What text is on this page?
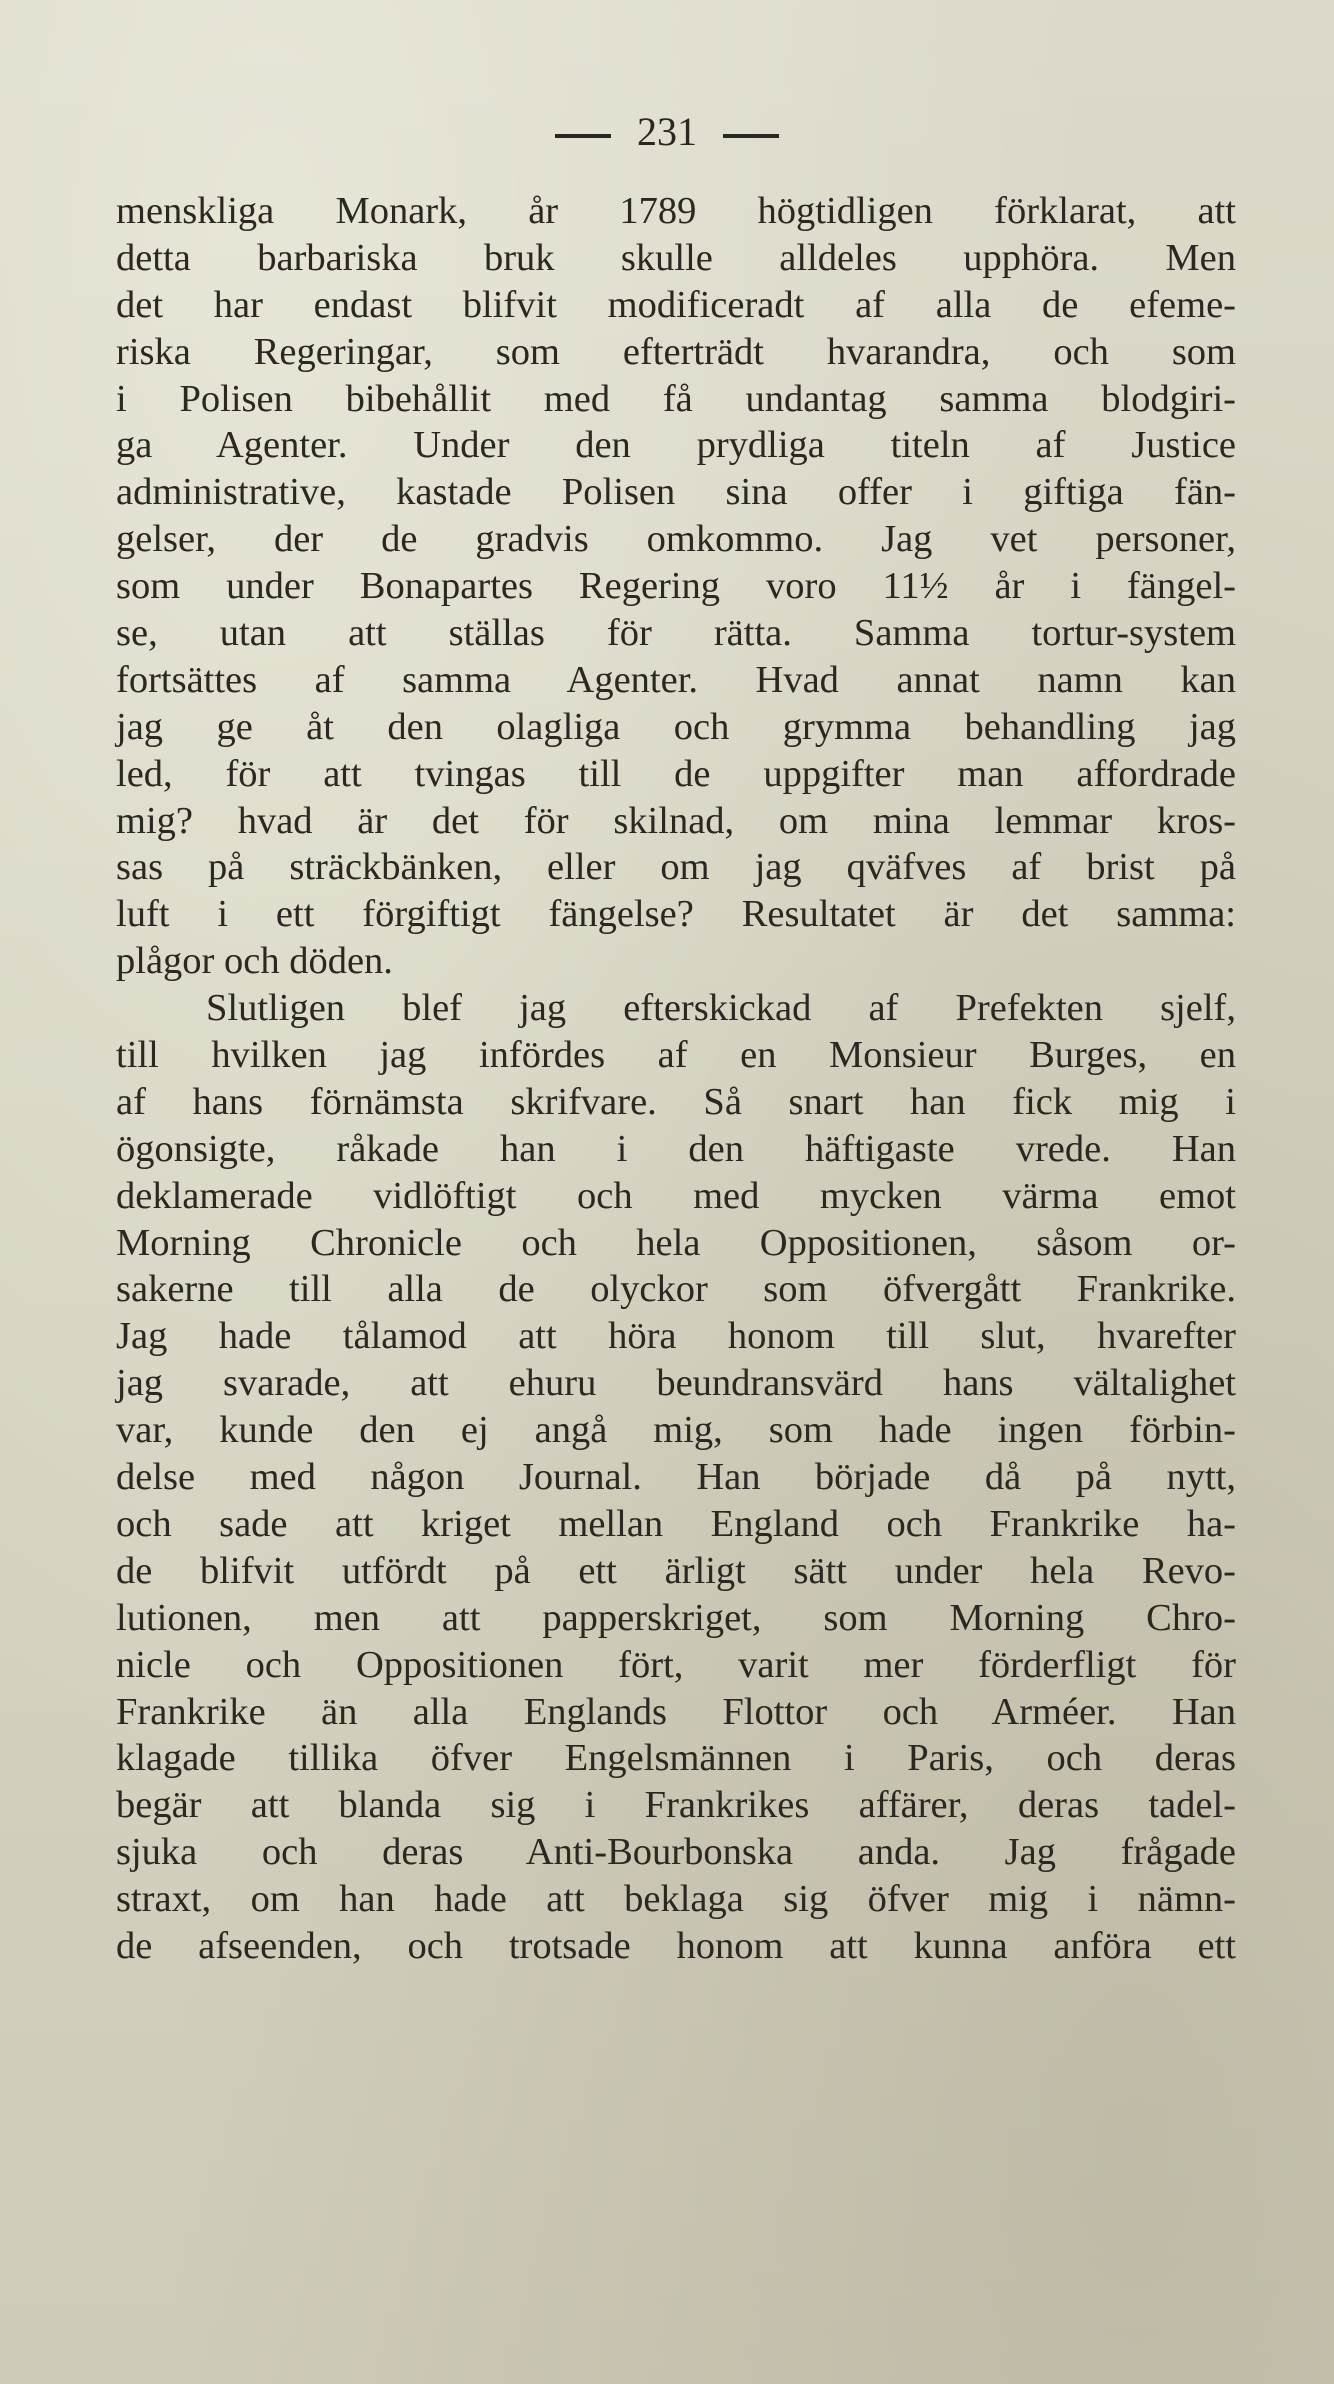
231
menskliga Monark, år 1789 högtidligen förklarat, att
detta barbariska bruk skulle alldeles upphöra. Men
det har endast blifvit modificeradt af alla de efeme-
riska Regeringar, som efterträdt hvarandra, och som
i Polisen bibehållit med få undantag samma blodgiri-
ga Agenter. Under den prydliga titeln af Justice
administrative, kastade Polisen sina offer i giftiga fän-
gelser, der de gradvis omkommo. Jag vet personer,
som under Bonapartes Regering voro 11½ år i fängel-
se, utan att ställas för rätta. Samma tortur-system
fortsättes af samma Agenter. Hvad annat namn kan
jag ge åt den olagliga och grymma behandling jag
led, för att tvingas till de uppgifter man affordrade
mig? hvad är det för skilnad, om mina lemmar kros-
sas på sträckbänken, eller om jag qväfves af brist på
luft i ett förgiftigt fängelse? Resultatet är det samma:
plågor och döden.
Slutligen blef jag efterskickad af Prefekten sjelf,
till hvilken jag infördes af en Monsieur Burges, en
af hans förnämsta skrifvare. Så snart han fick mig i
ögonsigte, råkade han i den häftigaste vrede. Han
deklamerade vidlöftigt och med mycken värma emot
Morning Chronicle och hela Oppositionen, såsom or-
sakerne till alla de olyckor som öfvergått Frankrike.
Jag hade tålamod att höra honom till slut, hvarefter
jag svarade, att ehuru beundransvärd hans vältalighet
var, kunde den ej angå mig, som hade ingen förbin-
delse med någon Journal. Han började då på nytt,
och sade att kriget mellan England och Frankrike ha-
de blifvit utfördt på ett ärligt sätt under hela Revo-
lutionen, men att papperskriget, som Morning Chro-
nicle och Oppositionen fört, varit mer förderfligt för
Frankrike än alla Englands Flottor och Arméer. Han
klagade tillika öfver Engelsmännen i Paris, och deras
begär att blanda sig i Frankrikes affärer, deras tadel-
sjuka och deras Anti-Bourbonska anda. Jag frågade
straxt, om han hade att beklaga sig öfver mig i nämn-
de afseenden, och trotsade honom att kunna anföra ett
